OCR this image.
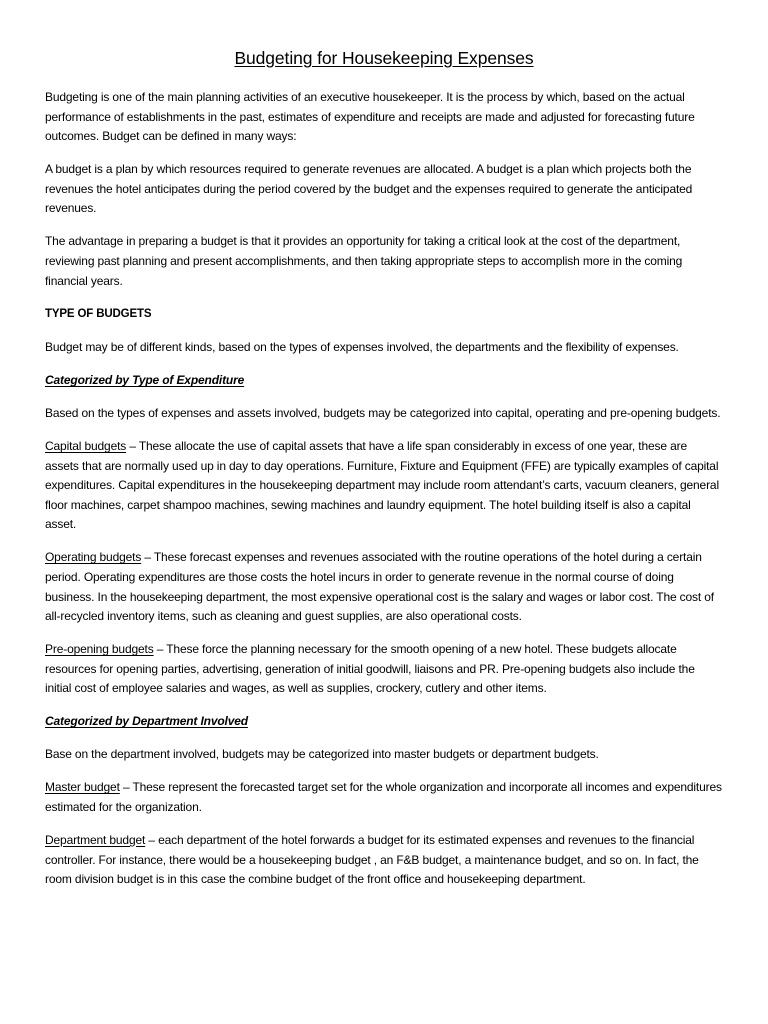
Budgeting for Housekeeping Expenses

Budgeting is one of the main planning activities of an executive housekeeper. It is the process by which, based on the actual performance of establishments in the past, estimates of expenditure and receipts are made and adjusted for forecasting future outcomes. Budget can be defined in many ways:

A budget is a plan by which resources required to generate revenues are allocated. A budget is a plan which projects both the revenues the hotel anticipates during the period covered by the budget and the expenses required to generate the anticipated revenues.

The advantage in preparing a budget is that it provides an opportunity for taking a critical look at the cost of the department, reviewing past planning and present accomplishments, and then taking appropriate steps to accomplish more in the coming financial years.

TYPE OF BUDGETS

Budget may be of different kinds, based on the types of expenses involved, the departments and the flexibility of expenses.

Categorized by Type of Expenditure

Based on the types of expenses and assets involved, budgets may be categorized into capital, operating and pre-opening budgets.

Capital budgets – These allocate the use of capital assets that have a life span considerably in excess of one year, these are assets that are normally used up in day to day operations. Furniture, Fixture and Equipment (FFE) are typically examples of capital expenditures. Capital expenditures in the housekeeping department may include room attendant’s carts, vacuum cleaners, general floor machines, carpet shampoo machines, sewing machines and laundry equipment. The hotel building itself is also a capital asset.

Operating budgets – These forecast expenses and revenues associated with the routine operations of the hotel during a certain period. Operating expenditures are those costs the hotel incurs in order to generate revenue in the normal course of doing business. In the housekeeping department, the most expensive operational cost is the salary and wages or labor cost. The cost of all-recycled inventory items, such as cleaning and guest supplies, are also operational costs.

Pre-opening budgets – These force the planning necessary for the smooth opening of a new hotel. These budgets allocate resources for opening parties, advertising, generation of initial goodwill, liaisons and PR. Pre-opening budgets also include the initial cost of employee salaries and wages, as well as supplies, crockery, cutlery and other items.

Categorized by Department Involved

Base on the department involved, budgets may be categorized into master budgets or department budgets.

Master budget – These represent the forecasted target set for the whole organization and incorporate all incomes and expenditures estimated for the organization.

Department budget – each department of the hotel forwards a budget for its estimated expenses and revenues to the financial controller. For instance, there would be a housekeeping budget , an F&B budget, a maintenance budget, and so on. In fact, the room division budget is in this case the combine budget of the front office and housekeeping department.
